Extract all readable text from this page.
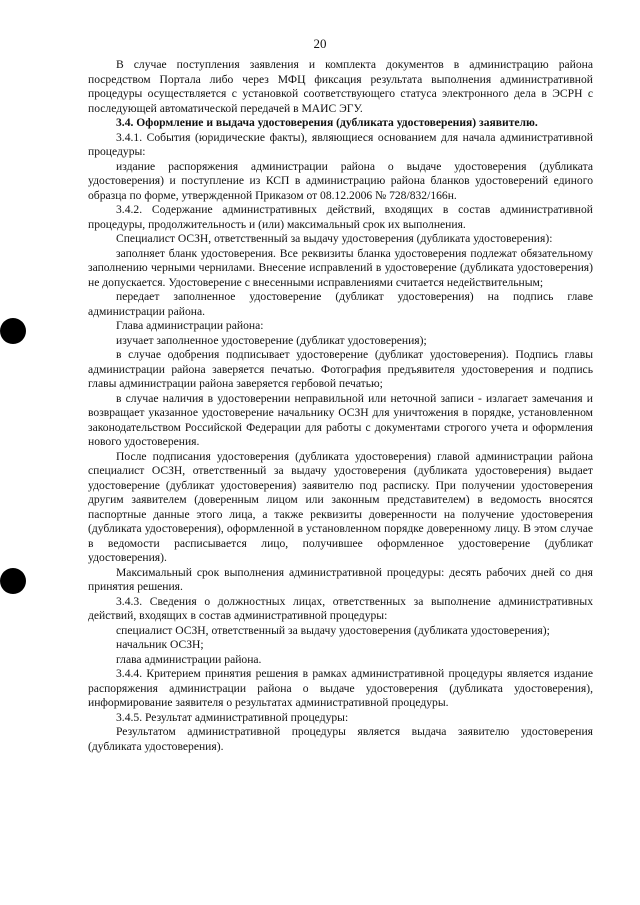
20

В случае поступления заявления и комплекта документов в администрацию района посредством Портала либо через МФЦ фиксация результата выполнения административной процедуры осуществляется с установкой соответствующего статуса электронного дела в ЭСРН с последующей автоматической передачей в МАИС ЭГУ.

3.4. Оформление и выдача удостоверения (дубликата удостоверения) заявителю.

3.4.1. События (юридические факты), являющиеся основанием для начала административной процедуры:

издание распоряжения администрации района о выдаче удостоверения (дубликата удостоверения) и поступление из КСП в администрацию района бланков удостоверений единого образца по форме, утвержденной Приказом от 08.12.2006 № 728/832/166н.

3.4.2. Содержание административных действий, входящих в состав административной процедуры, продолжительность и (или) максимальный срок их выполнения.

Специалист ОСЗН, ответственный за выдачу удостоверения (дубликата удостоверения):

заполняет бланк удостоверения. Все реквизиты бланка удостоверения подлежат обязательному заполнению черными чернилами. Внесение исправлений в удостоверение (дубликата удостоверения) не допускается. Удостоверение с внесенными исправлениями считается недействительным;

передает заполненное удостоверение (дубликат удостоверения) на подпись главе администрации района.

Глава администрации района:

изучает заполненное удостоверение (дубликат удостоверения);

в случае одобрения подписывает удостоверение (дубликат удостоверения). Подпись главы администрации района заверяется печатью. Фотография предъявителя удостоверения и подпись главы администрации района заверяется гербовой печатью;

в случае наличия в удостоверении неправильной или неточной записи - излагает замечания и возвращает указанное удостоверение начальнику ОСЗН для уничтожения в порядке, установленном законодательством Российской Федерации для работы с документами строгого учета и оформления нового удостоверения.

После подписания удостоверения (дубликата удостоверения) главой администрации района специалист ОСЗН, ответственный за выдачу удостоверения (дубликата удостоверения) выдает удостоверение (дубликат удостоверения) заявителю под расписку. При получении удостоверения другим заявителем (доверенным лицом или законным представителем) в ведомость вносятся паспортные данные этого лица, а также реквизиты доверенности на получение удостоверения (дубликата удостоверения), оформленной в установленном порядке доверенному лицу. В этом случае в ведомости расписывается лицо, получившее оформленное удостоверение (дубликат удостоверения).

Максимальный срок выполнения административной процедуры: десять рабочих дней со дня принятия решения.

3.4.3. Сведения о должностных лицах, ответственных за выполнение административных действий, входящих в состав административной процедуры:

специалист ОСЗН, ответственный за выдачу удостоверения (дубликата удостоверения);

начальник ОСЗН;

глава администрации района.

3.4.4. Критерием принятия решения в рамках административной процедуры является издание распоряжения администрации района о выдаче удостоверения (дубликата удостоверения), информирование заявителя о результатах административной процедуры.

3.4.5. Результат административной процедуры:

Результатом административной процедуры является выдача заявителю удостоверения (дубликата удостоверения).
